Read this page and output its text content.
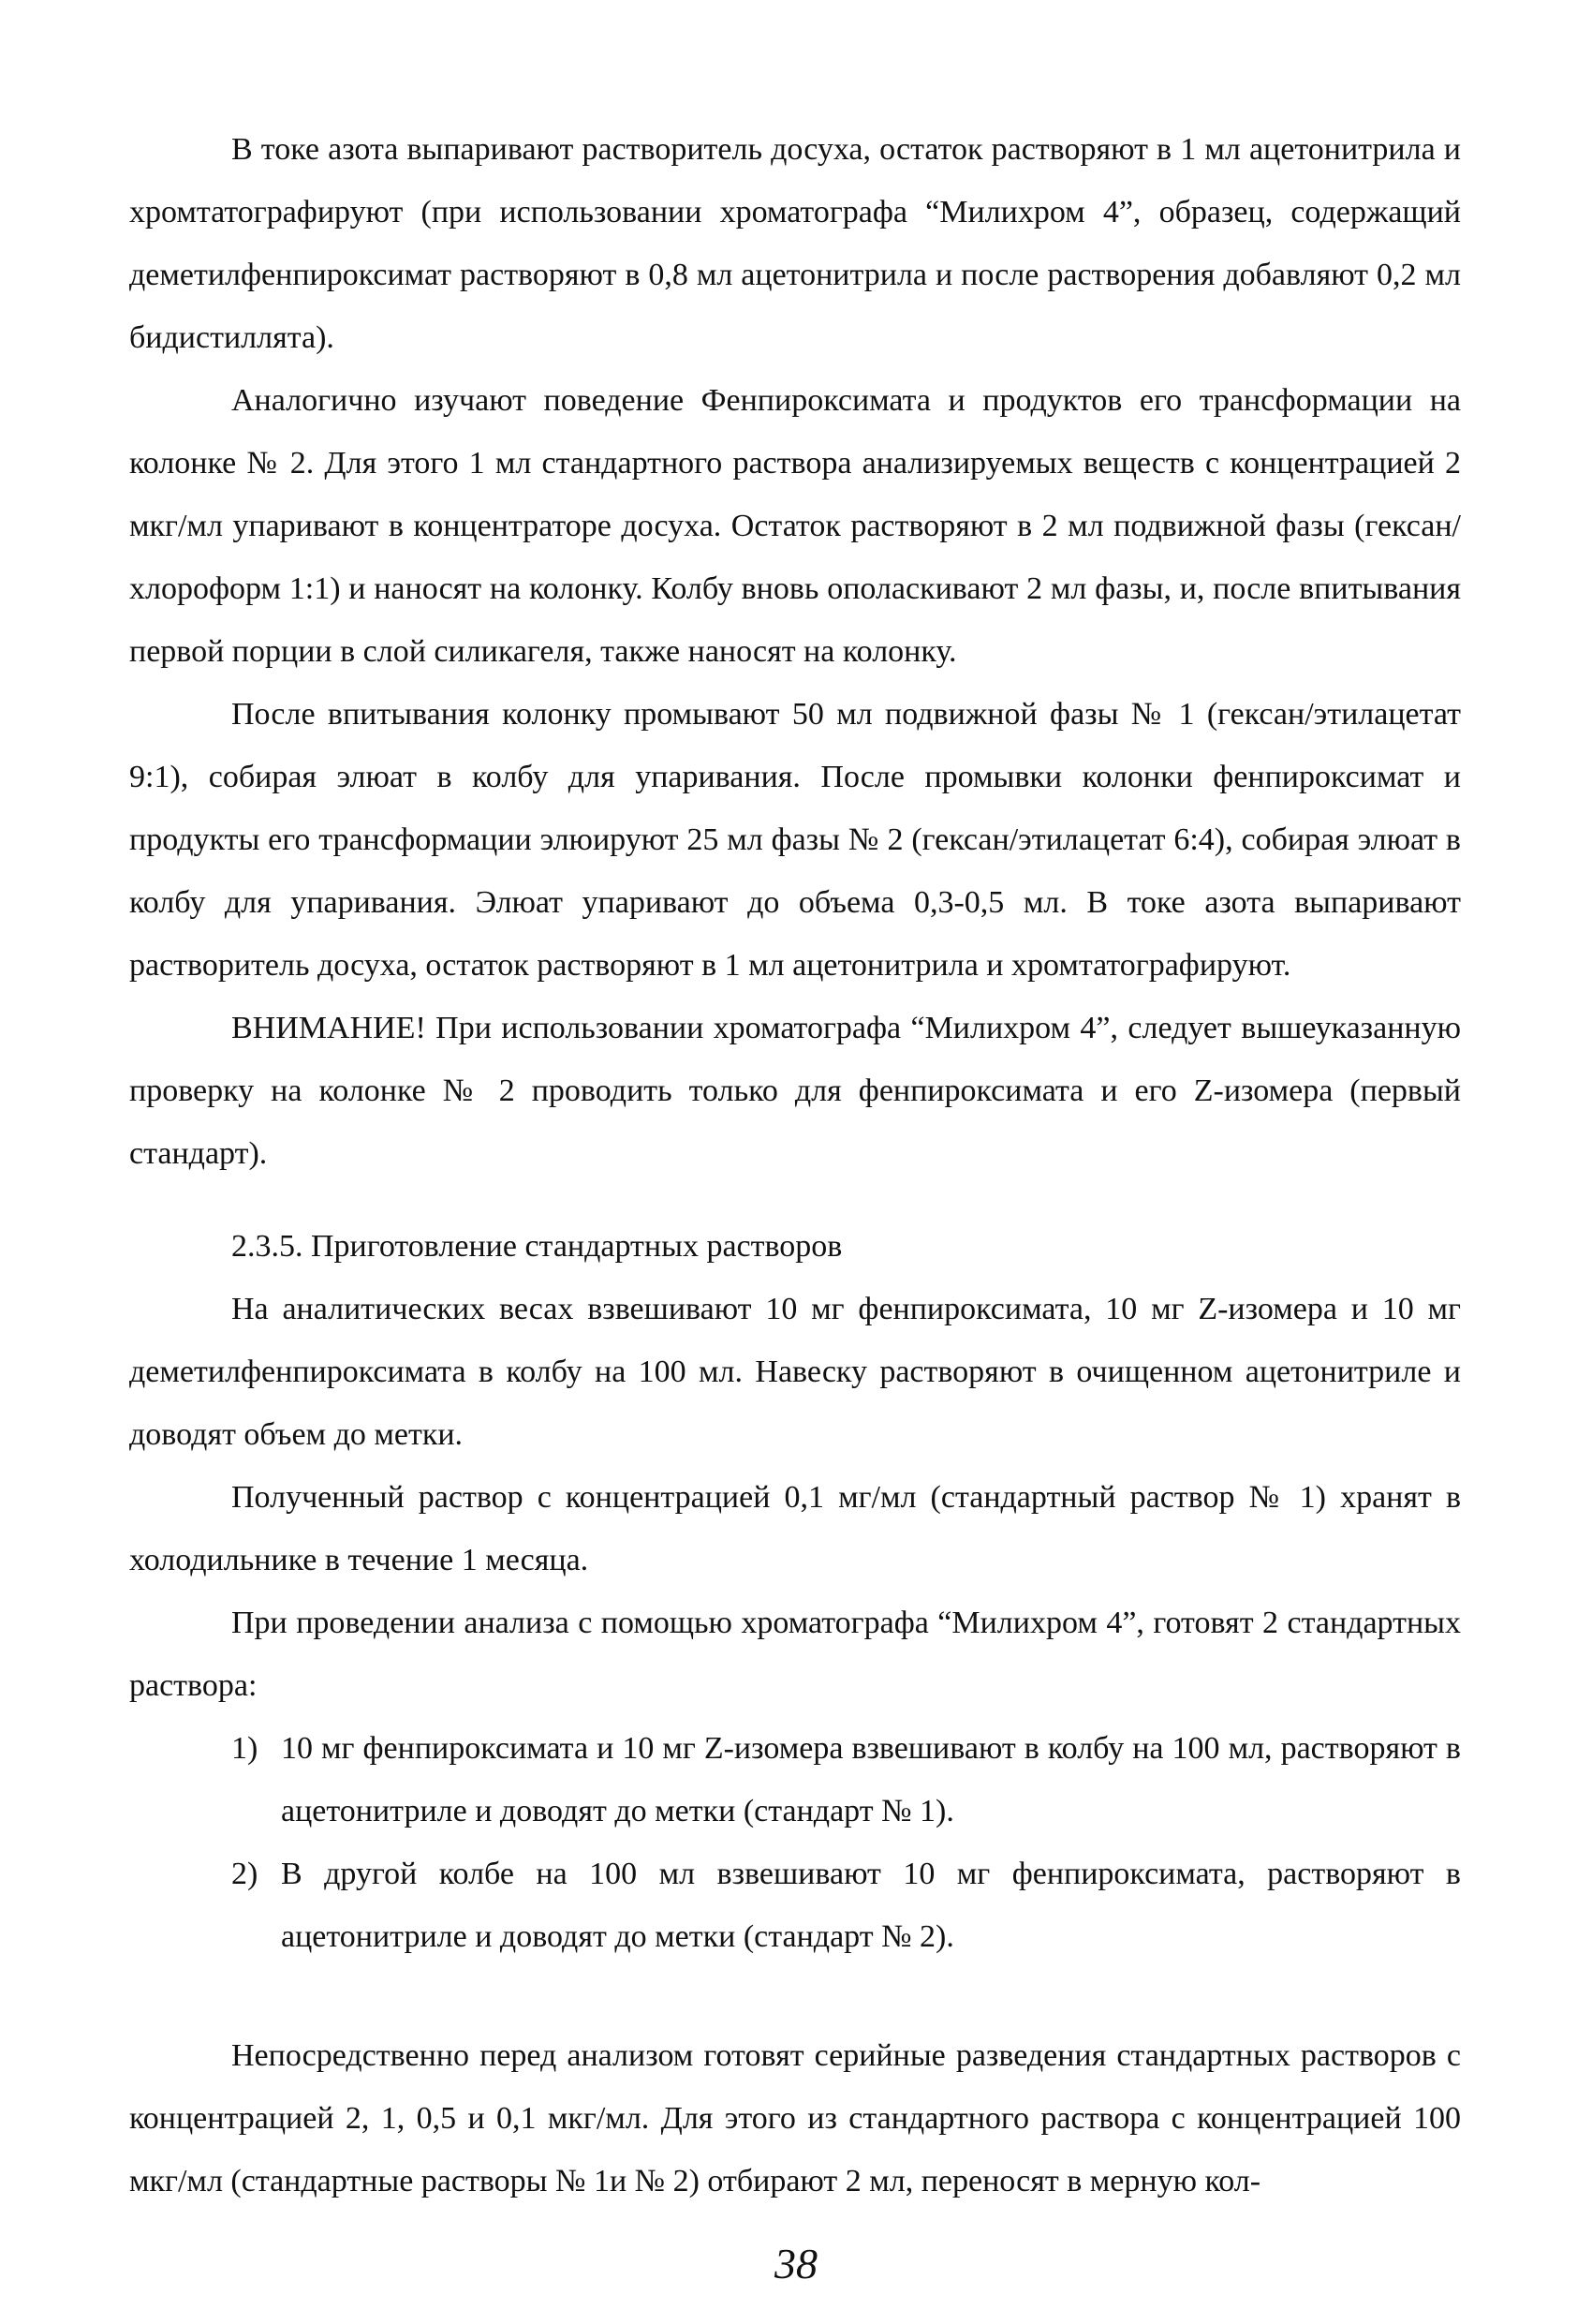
В токе азота выпаривают растворитель досуха, остаток растворяют в 1 мл ацетонитрила и хромтатографируют (при использовании хроматографа “Милихром 4”, образец, содержащий деметилфенпироксимат растворяют в 0,8 мл ацетонитрила и после растворения добавляют 0,2 мл бидистиллята).

Аналогично изучают поведение Фенпироксимата и продуктов его трансформации на колонке № 2. Для этого 1 мл стандартного раствора анализируемых веществ с концентрацией 2 мкг/мл упаривают в концентраторе досуха. Остаток растворяют в 2 мл подвижной фазы (гексан/хлороформ 1:1) и наносят на колонку. Колбу вновь ополаскивают 2 мл фазы, и, после впитывания первой порции в слой силикагеля, также наносят на колонку.

После впитывания колонку промывают 50 мл подвижной фазы № 1 (гексан/этилацетат 9:1), собирая элюат в колбу для упаривания. После промывки колонки фенпироксимат и продукты его трансформации элюируют 25 мл фазы № 2 (гексан/этилацетат 6:4), собирая элюат в колбу для упаривания. Элюат упаривают до объема 0,3-0,5 мл. В токе азота выпаривают растворитель досуха, остаток растворяют в 1 мл ацетонитрила и хромтатографируют.

ВНИМАНИЕ! При использовании хроматографа “Милихром 4”, следует вышеуказанную проверку на колонке № 2 проводить только для фенпироксимата и его Z-изомера (первый стандарт).

2.3.5. Приготовление стандартных растворов

На аналитических весах взвешивают 10 мг фенпироксимата, 10 мг Z-изомера и 10 мг деметилфенпироксимата в колбу на 100 мл. Навеску растворяют в очищенном ацетонитриле и доводят объем до метки.

Полученный раствор с концентрацией 0,1 мг/мл (стандартный раствор № 1) хранят в холодильнике в течение 1 месяца.

При проведении анализа с помощью хроматографа “Милихром 4”, готовят 2 стандартных раствора:

1) 10 мг фенпироксимата и 10 мг Z-изомера взвешивают в колбу на 100 мл, растворяют в ацетонитриле и доводят до метки (стандарт № 1).
2) В другой колбе на 100 мл взвешивают 10 мг фенпироксимата, растворяют в ацетонитриле и доводят до метки (стандарт № 2).

Непосредственно перед анализом готовят серийные разведения стандартных растворов с концентрацией 2, 1, 0,5 и 0,1 мкг/мл. Для этого из стандартного раствора с концентрацией 100 мкг/мл (стандартные растворы № 1и № 2) отбирают 2 мл, переносят в мерную кол-

38
